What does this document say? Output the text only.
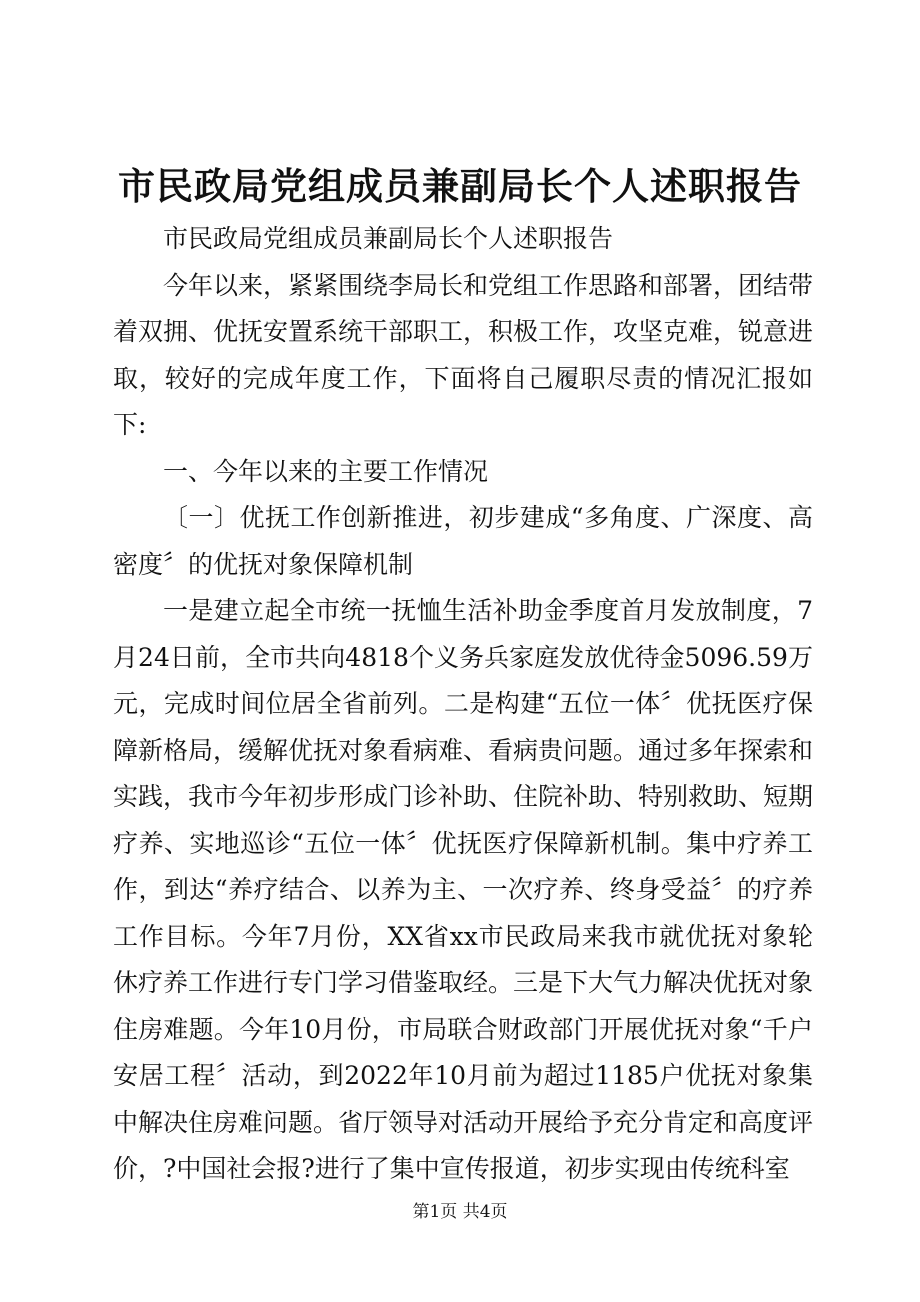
市民政局党组成员兼副局长个人述职报告

市民政局党组成员兼副局长个人述职报告

今年以来，紧紧围绕李局长和党组工作思路和部署，团结带着双拥、优抚安置系统干部职工，积极工作，攻坚克难，锐意进取，较好的完成年度工作，下面将自己履职尽责的情况汇报如下:

一、今年以来的主要工作情况

〔一〕优抚工作创新推进，初步建成“多角度、广深度、高密度〞的优抚对象保障机制

一是建立起全市统一抚恤生活补助金季度首月发放制度，7月24日前，全市共向4818个义务兵家庭发放优待金5096.59万元，完成时间位居全省前列。二是构建“五位一体〞优抚医疗保障新格局，缓解优抚对象看病难、看病贵问题。通过多年探索和实践，我市今年初步形成门诊补助、住院补助、特别救助、短期疗养、实地巡诊“五位一体〞优抚医疗保障新机制。集中疗养工作，到达“养疗结合、以养为主、一次疗养、终身受益〞的疗养工作目标。今年7月份，XX省xx市民政局来我市就优抚对象轮休疗养工作进行专门学习借鉴取经。三是下大气力解决优抚对象住房难题。今年10月份，市局联合财政部门开展优抚对象“千户安居工程〞活动，到2022年10月前为超过1185户优抚对象集中解决住房难问题。省厅领导对活动开展给予充分肯定和高度评价，?中国社会报?进行了集中宣传报道，初步实现由传统科室

第1页 共4页
